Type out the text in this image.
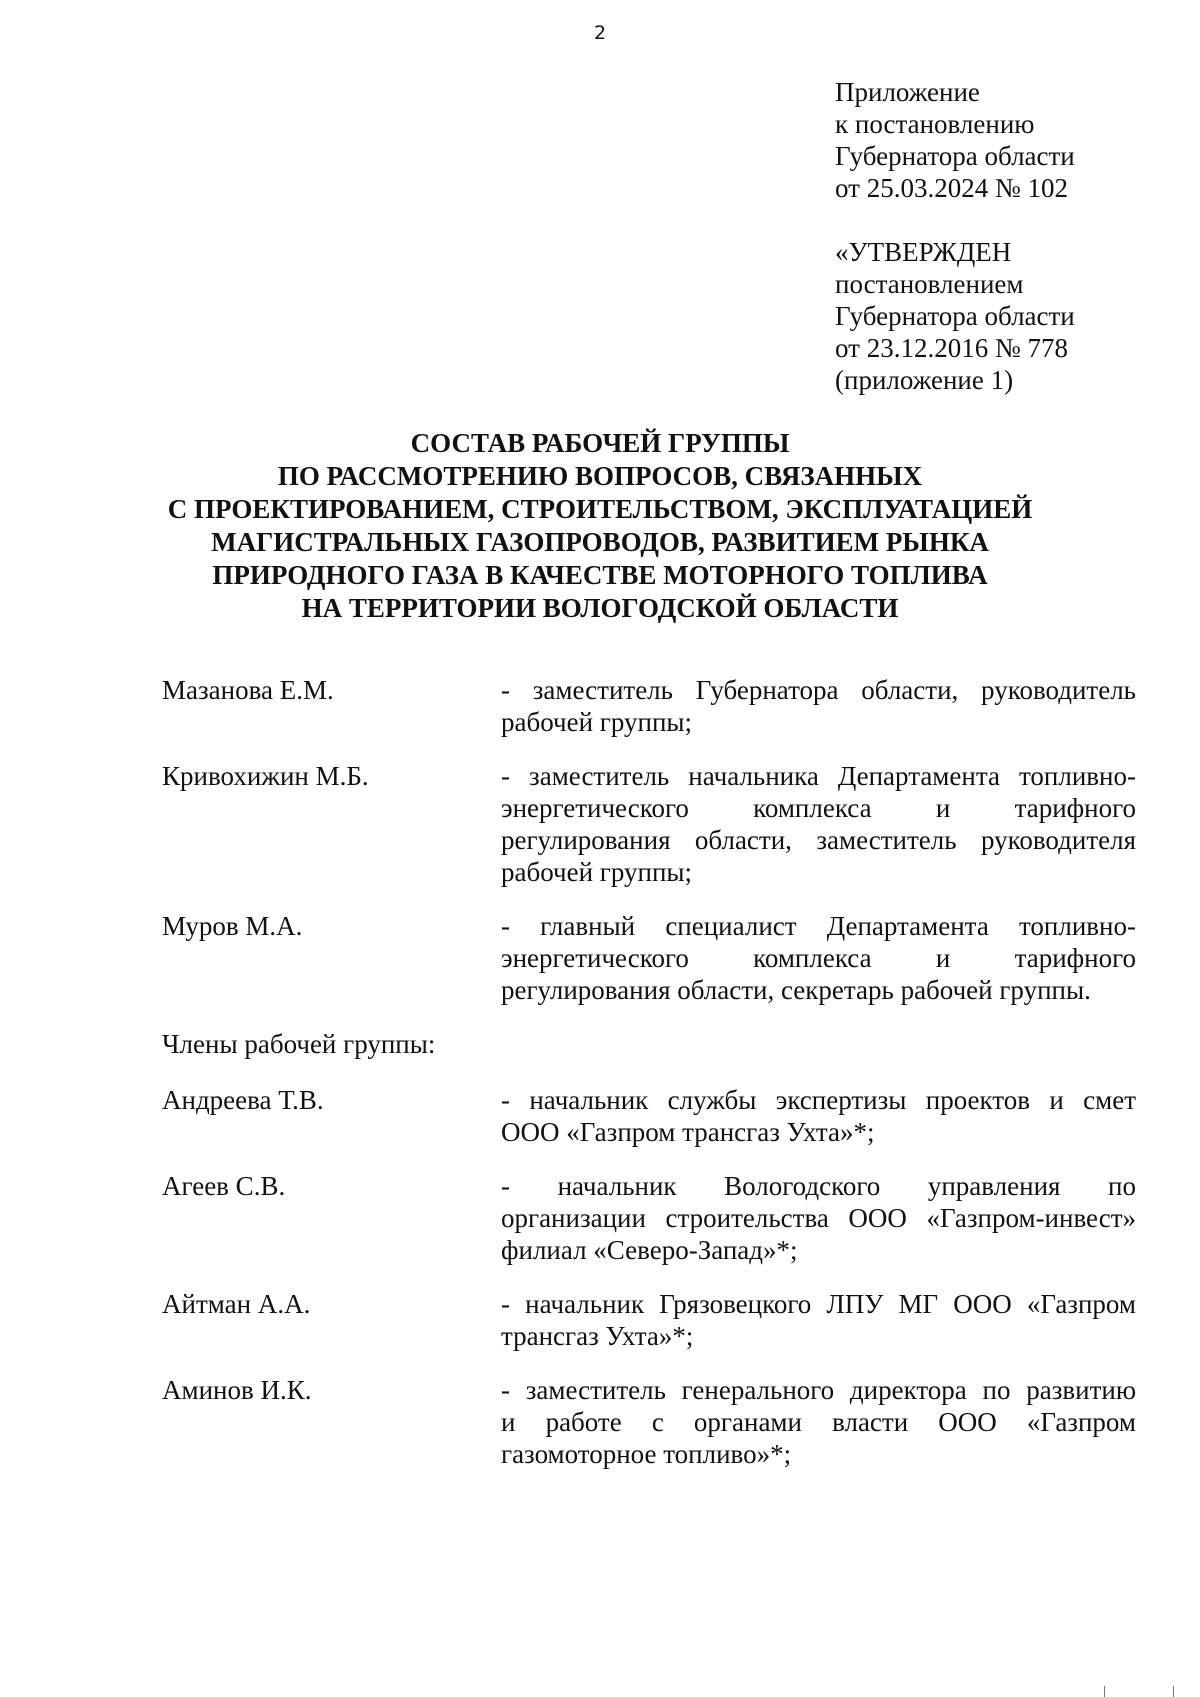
2
Приложение
к постановлению
Губернатора области
от 25.03.2024 № 102
«УТВЕРЖДЕН
постановлением
Губернатора области
от 23.12.2016 № 778
(приложение 1)
СОСТАВ РАБОЧЕЙ ГРУППЫ
ПО РАССМОТРЕНИЮ ВОПРОСОВ, СВЯЗАННЫХ
С ПРОЕКТИРОВАНИЕМ, СТРОИТЕЛЬСТВОМ, ЭКСПЛУАТАЦИЕЙ
МАГИСТРАЛЬНЫХ ГАЗОПРОВОДОВ, РАЗВИТИЕМ РЫНКА
ПРИРОДНОГО ГАЗА В КАЧЕСТВЕ МОТОРНОГО ТОПЛИВА
НА ТЕРРИТОРИИ ВОЛОГОДСКОЙ ОБЛАСТИ
Мазанова Е.М.	- заместитель Губернатора области, руководитель
рабочей группы;
Кривохижин М.Б.	- заместитель начальника Департамента топливно-
энергетического комплекса и тарифного
регулирования области, заместитель руководителя
рабочей группы;
Муров М.А.	- главный специалист Департамента топливно-
энергетического комплекса и тарифного
регулирования области, секретарь рабочей группы.
Члены рабочей группы:
Андреева Т.В.	- начальник службы экспертизы проектов и смет
ООО «Газпром трансгаз Ухта»*;
Агеев С.В.	- начальник Вологодского управления по
организации строительства ООО «Газпром-инвест»
филиал «Северо-Запад»*;
Айтман А.А.	- начальник Грязовецкого ЛПУ МГ ООО «Газпром
трансгаз Ухта»*;
Аминов И.К.	- заместитель генерального директора по развитию
и работе с органами власти ООО «Газпром
газомоторное топливо»*;
